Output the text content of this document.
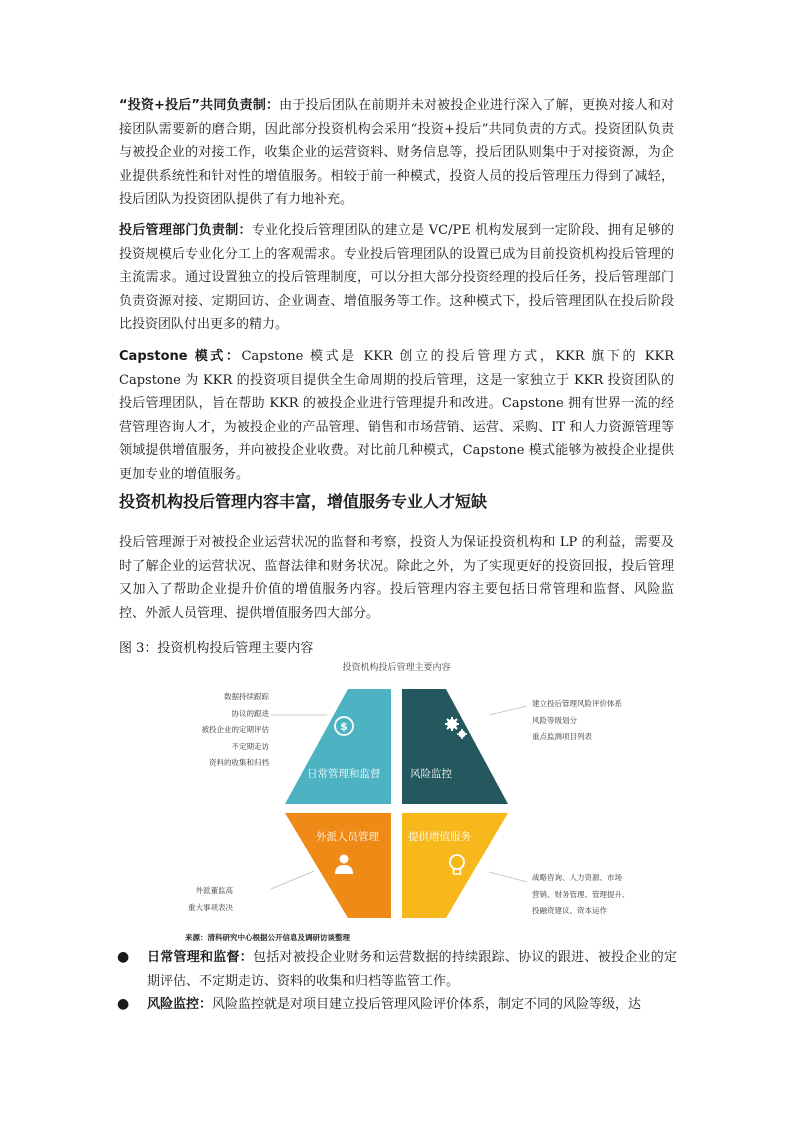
“投资+投后”共同负责制：由于投后团队在前期并未对被投企业进行深入了解，更换对接人和对接团队需要新的磨合期，因此部分投资机构会采用“投资+投后”共同负责的方式。投资团队负责与被投企业的对接工作，收集企业的运营资料、财务信息等，投后团队则集中于对接资源，为企业提供系统性和针对性的增值服务。相较于前一种模式，投资人员的投后管理压力得到了减轻，投后团队为投资团队提供了有力地补充。

投后管理部门负责制：专业化投后管理团队的建立是 VC/PE 机构发展到一定阶段、拥有足够的投资规模后专业化分工上的客观需求。专业投后管理团队的设置已成为目前投资机构投后管理的主流需求。通过设置独立的投后管理制度，可以分担大部分投资经理的投后任务，投后管理部门负责资源对接、定期回访、企业调查、增值服务等工作。这种模式下，投后管理团队在投后阶段比投资团队付出更多的精力。

Capstone 模式：Capstone 模式是 KKR 创立的投后管理方式，KKR 旗下的 KKR Capstone 为 KKR 的投资项目提供全生命周期的投后管理，这是一家独立于 KKR 投资团队的投后管理团队，旨在帮助 KKR 的被投企业进行管理提升和改进。Capstone 拥有世界一流的经营管理咨询人才，为被投企业的产品管理、销售和市场营销、运营、采购、IT 和人力资源管理等领域提供增值服务，并向被投企业收费。对比前几种模式，Capstone 模式能够为被投企业提供更加专业的增值服务。

投资机构投后管理内容丰富，增值服务专业人才短缺

投后管理源于对被投企业运营状况的监督和考察，投资人为保证投资机构和 LP 的利益，需要及时了解企业的运营状况、监督法律和财务状况。除此之外，为了实现更好的投资回报，投后管理又加入了帮助企业提升价值的增值服务内容。投后管理内容主要包括日常管理和监督、风险监控、外派人员管理、提供增值服务四大部分。

图 3：投资机构投后管理主要内容

投资机构投后管理主要内容
$
日常管理和监督	风险监控
外派人员管理	提供增值服务
数据持续跟踪
协议的跟进
被投企业的定期评估
不定期走访
资料的收集和归档
建立投后管理风险评价体系
风险等级划分
重点监测项目列表
外派董监高
重大事项表决
战略咨询、人力资源、市场
营销、财务管理、管理提升、
投融资建议、资本运作
来源：清科研究中心根据公开信息及调研访谈整理
● 日常管理和监督：包括对被投企业财务和运营数据的持续跟踪、协议的跟进、被投企业的定期评估、不定期走访、资料的收集和归档等监管工作。
● 风险监控：风险监控就是对项目建立投后管理风险评价体系，制定不同的风险等级，达
